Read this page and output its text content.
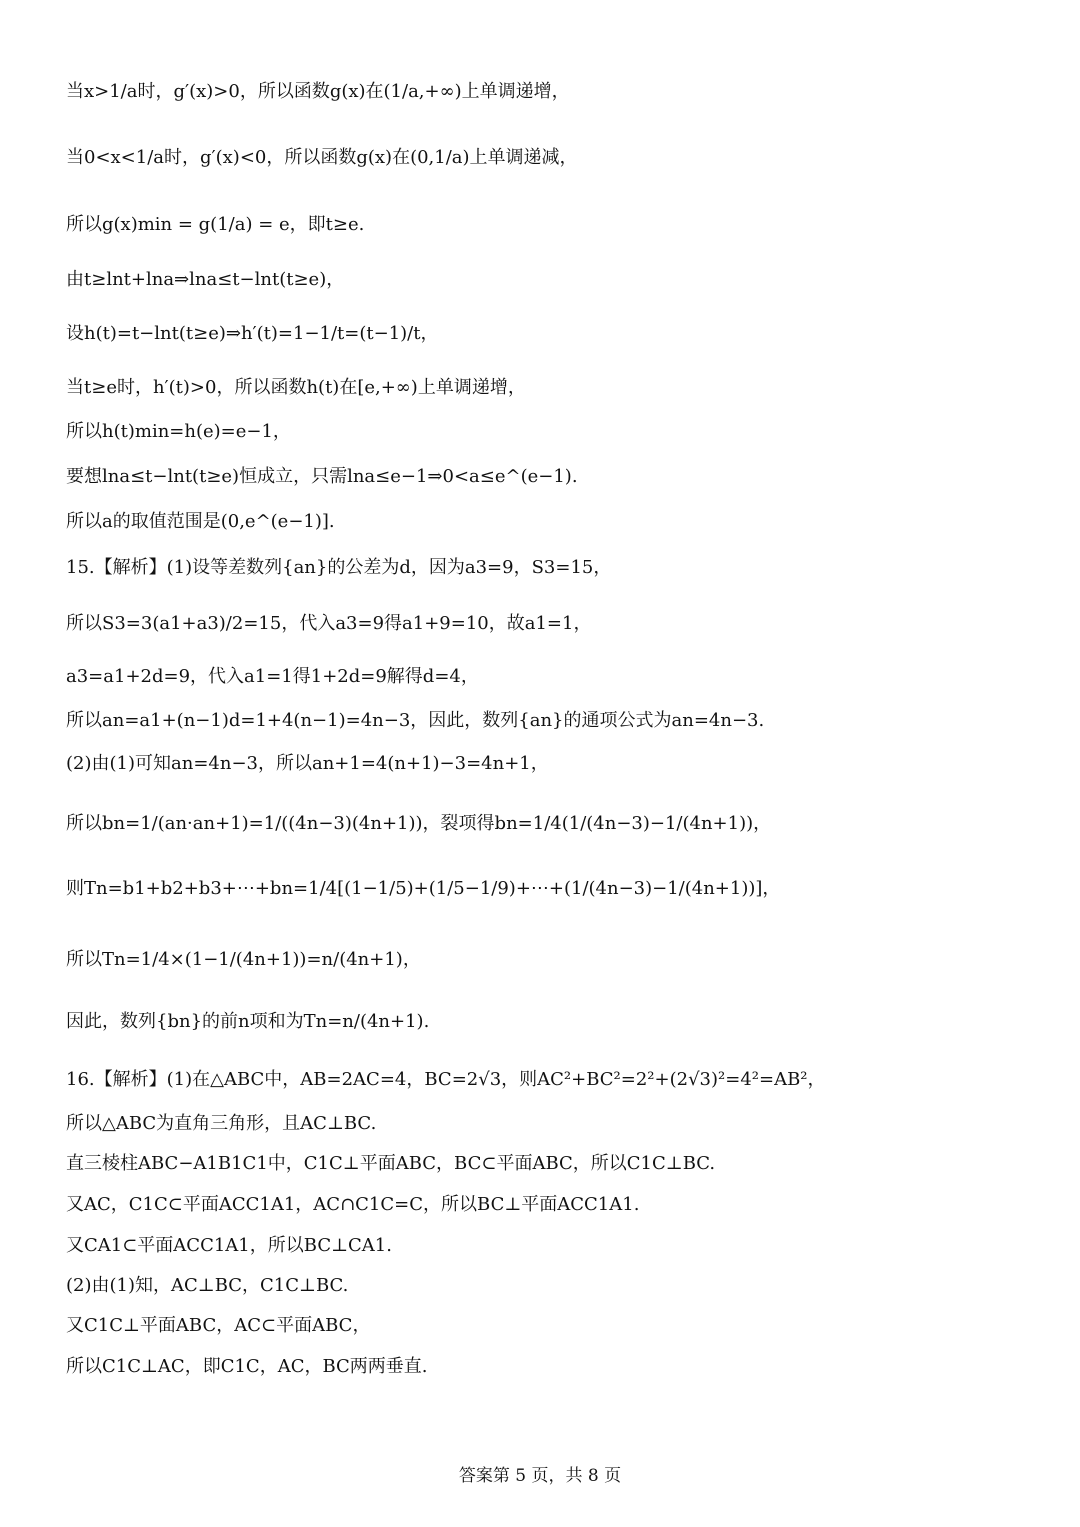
当x>1/a时，g′(x)>0，所以函数g(x)在(1/a,+∞)上单调递增，
当0<x<1/a时，g′(x)<0，所以函数g(x)在(0,1/a)上单调递减，
所以g(x)min = g(1/a) = e，即t≥e.
由t≥lnt+lna⇒lna≤t−lnt(t≥e)，
设h(t)=t−lnt(t≥e)⇒h′(t)=1−1/t=(t−1)/t，
当t≥e时，h′(t)>0，所以函数h(t)在[e,+∞)上单调递增，
所以h(t)min=h(e)=e−1，
要想lna≤t−lnt(t≥e)恒成立，只需lna≤e−1⇒0<a≤e^(e−1).
所以a的取值范围是(0,e^(e−1)].
15.【解析】(1)设等差数列{an}的公差为d，因为a3=9，S3=15，
所以S3=3(a1+a3)/2=15，代入a3=9得a1+9=10，故a1=1，
a3=a1+2d=9，代入a1=1得1+2d=9解得d=4，
所以an=a1+(n−1)d=1+4(n−1)=4n−3，因此，数列{an}的通项公式为an=4n−3.
(2)由(1)可知an=4n−3，所以an+1=4(n+1)−3=4n+1，
所以bn=1/(an·an+1)=1/((4n−3)(4n+1))，裂项得bn=1/4(1/(4n−3)−1/(4n+1))，
则Tn=b1+b2+b3+⋯+bn=1/4[(1−1/5)+(1/5−1/9)+⋯+(1/(4n−3)−1/(4n+1))]，
所以Tn=1/4×(1−1/(4n+1))=n/(4n+1)，
因此，数列{bn}的前n项和为Tn=n/(4n+1).
16.【解析】(1)在△ABC中，AB=2AC=4，BC=2√3，则AC²+BC²=2²+(2√3)²=4²=AB²，
所以△ABC为直角三角形，且AC⊥BC.
直三棱柱ABC−A1B1C1中，C1C⊥平面ABC，BC⊂平面ABC，所以C1C⊥BC.
又AC，C1C⊂平面ACC1A1，AC∩C1C=C，所以BC⊥平面ACC1A1.
又CA1⊂平面ACC1A1，所以BC⊥CA1.
(2)由(1)知，AC⊥BC，C1C⊥BC.
又C1C⊥平面ABC，AC⊂平面ABC，
所以C1C⊥AC，即C1C，AC，BC两两垂直.
答案第 5 页，共 8 页
